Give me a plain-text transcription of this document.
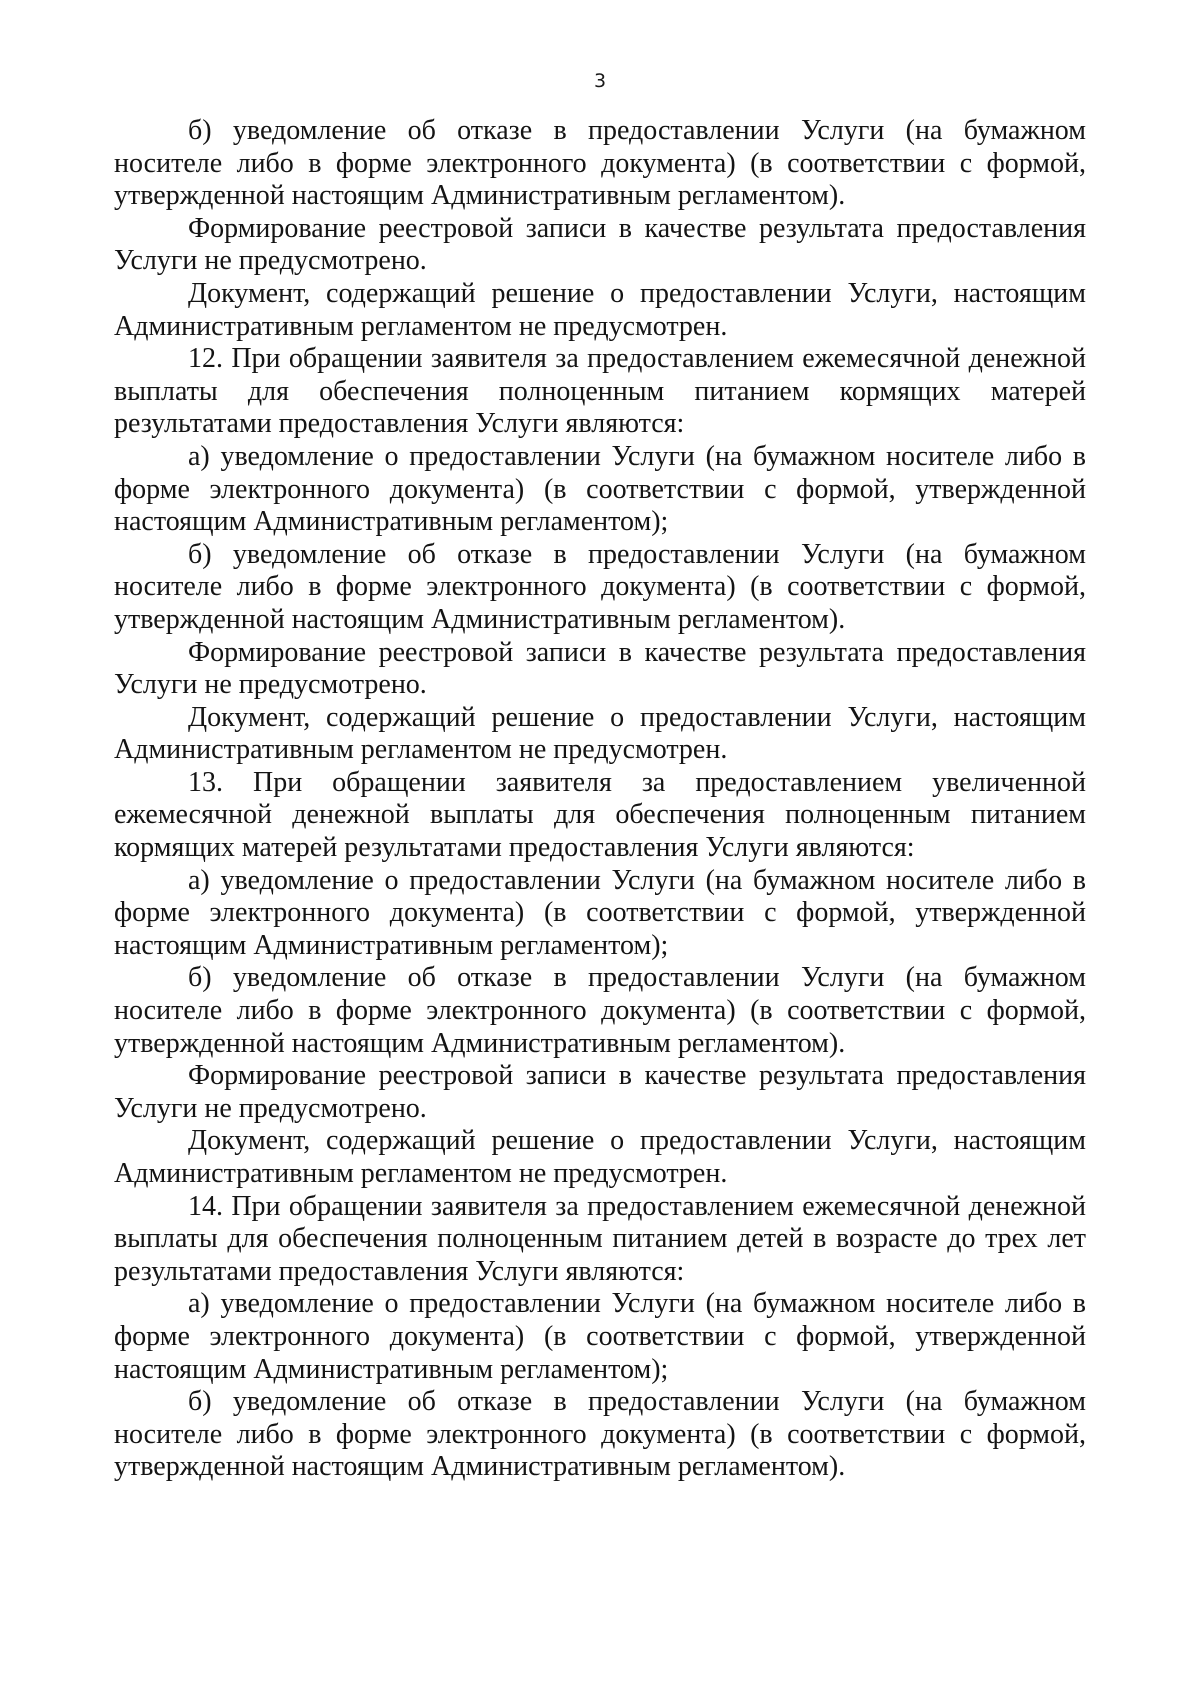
3

б) уведомление об отказе в предоставлении Услуги (на бумажном носителе либо в форме электронного документа) (в соответствии с формой, утвержденной настоящим Административным регламентом).

Формирование реестровой записи в качестве результата предоставления Услуги не предусмотрено.

Документ, содержащий решение о предоставлении Услуги, настоящим Административным регламентом не предусмотрен.

12. При обращении заявителя за предоставлением ежемесячной денежной выплаты для обеспечения полноценным питанием кормящих матерей результатами предоставления Услуги являются:

а) уведомление о предоставлении Услуги (на бумажном носителе либо в форме электронного документа) (в соответствии с формой, утвержденной настоящим Административным регламентом);

б) уведомление об отказе в предоставлении Услуги (на бумажном носителе либо в форме электронного документа) (в соответствии с формой, утвержденной настоящим Административным регламентом).

Формирование реестровой записи в качестве результата предоставления Услуги не предусмотрено.

Документ, содержащий решение о предоставлении Услуги, настоящим Административным регламентом не предусмотрен.

13. При обращении заявителя за предоставлением увеличенной ежемесячной денежной выплаты для обеспечения полноценным питанием кормящих матерей результатами предоставления Услуги являются:

а) уведомление о предоставлении Услуги (на бумажном носителе либо в форме электронного документа) (в соответствии с формой, утвержденной настоящим Административным регламентом);

б) уведомление об отказе в предоставлении Услуги (на бумажном носителе либо в форме электронного документа) (в соответствии с формой, утвержденной настоящим Административным регламентом).

Формирование реестровой записи в качестве результата предоставления Услуги не предусмотрено.

Документ, содержащий решение о предоставлении Услуги, настоящим Административным регламентом не предусмотрен.

14. При обращении заявителя за предоставлением ежемесячной денежной выплаты для обеспечения полноценным питанием детей в возрасте до трех лет результатами предоставления Услуги являются:

а) уведомление о предоставлении Услуги (на бумажном носителе либо в форме электронного документа) (в соответствии с формой, утвержденной настоящим Административным регламентом);

б) уведомление об отказе в предоставлении Услуги (на бумажном носителе либо в форме электронного документа) (в соответствии с формой, утвержденной настоящим Административным регламентом).
